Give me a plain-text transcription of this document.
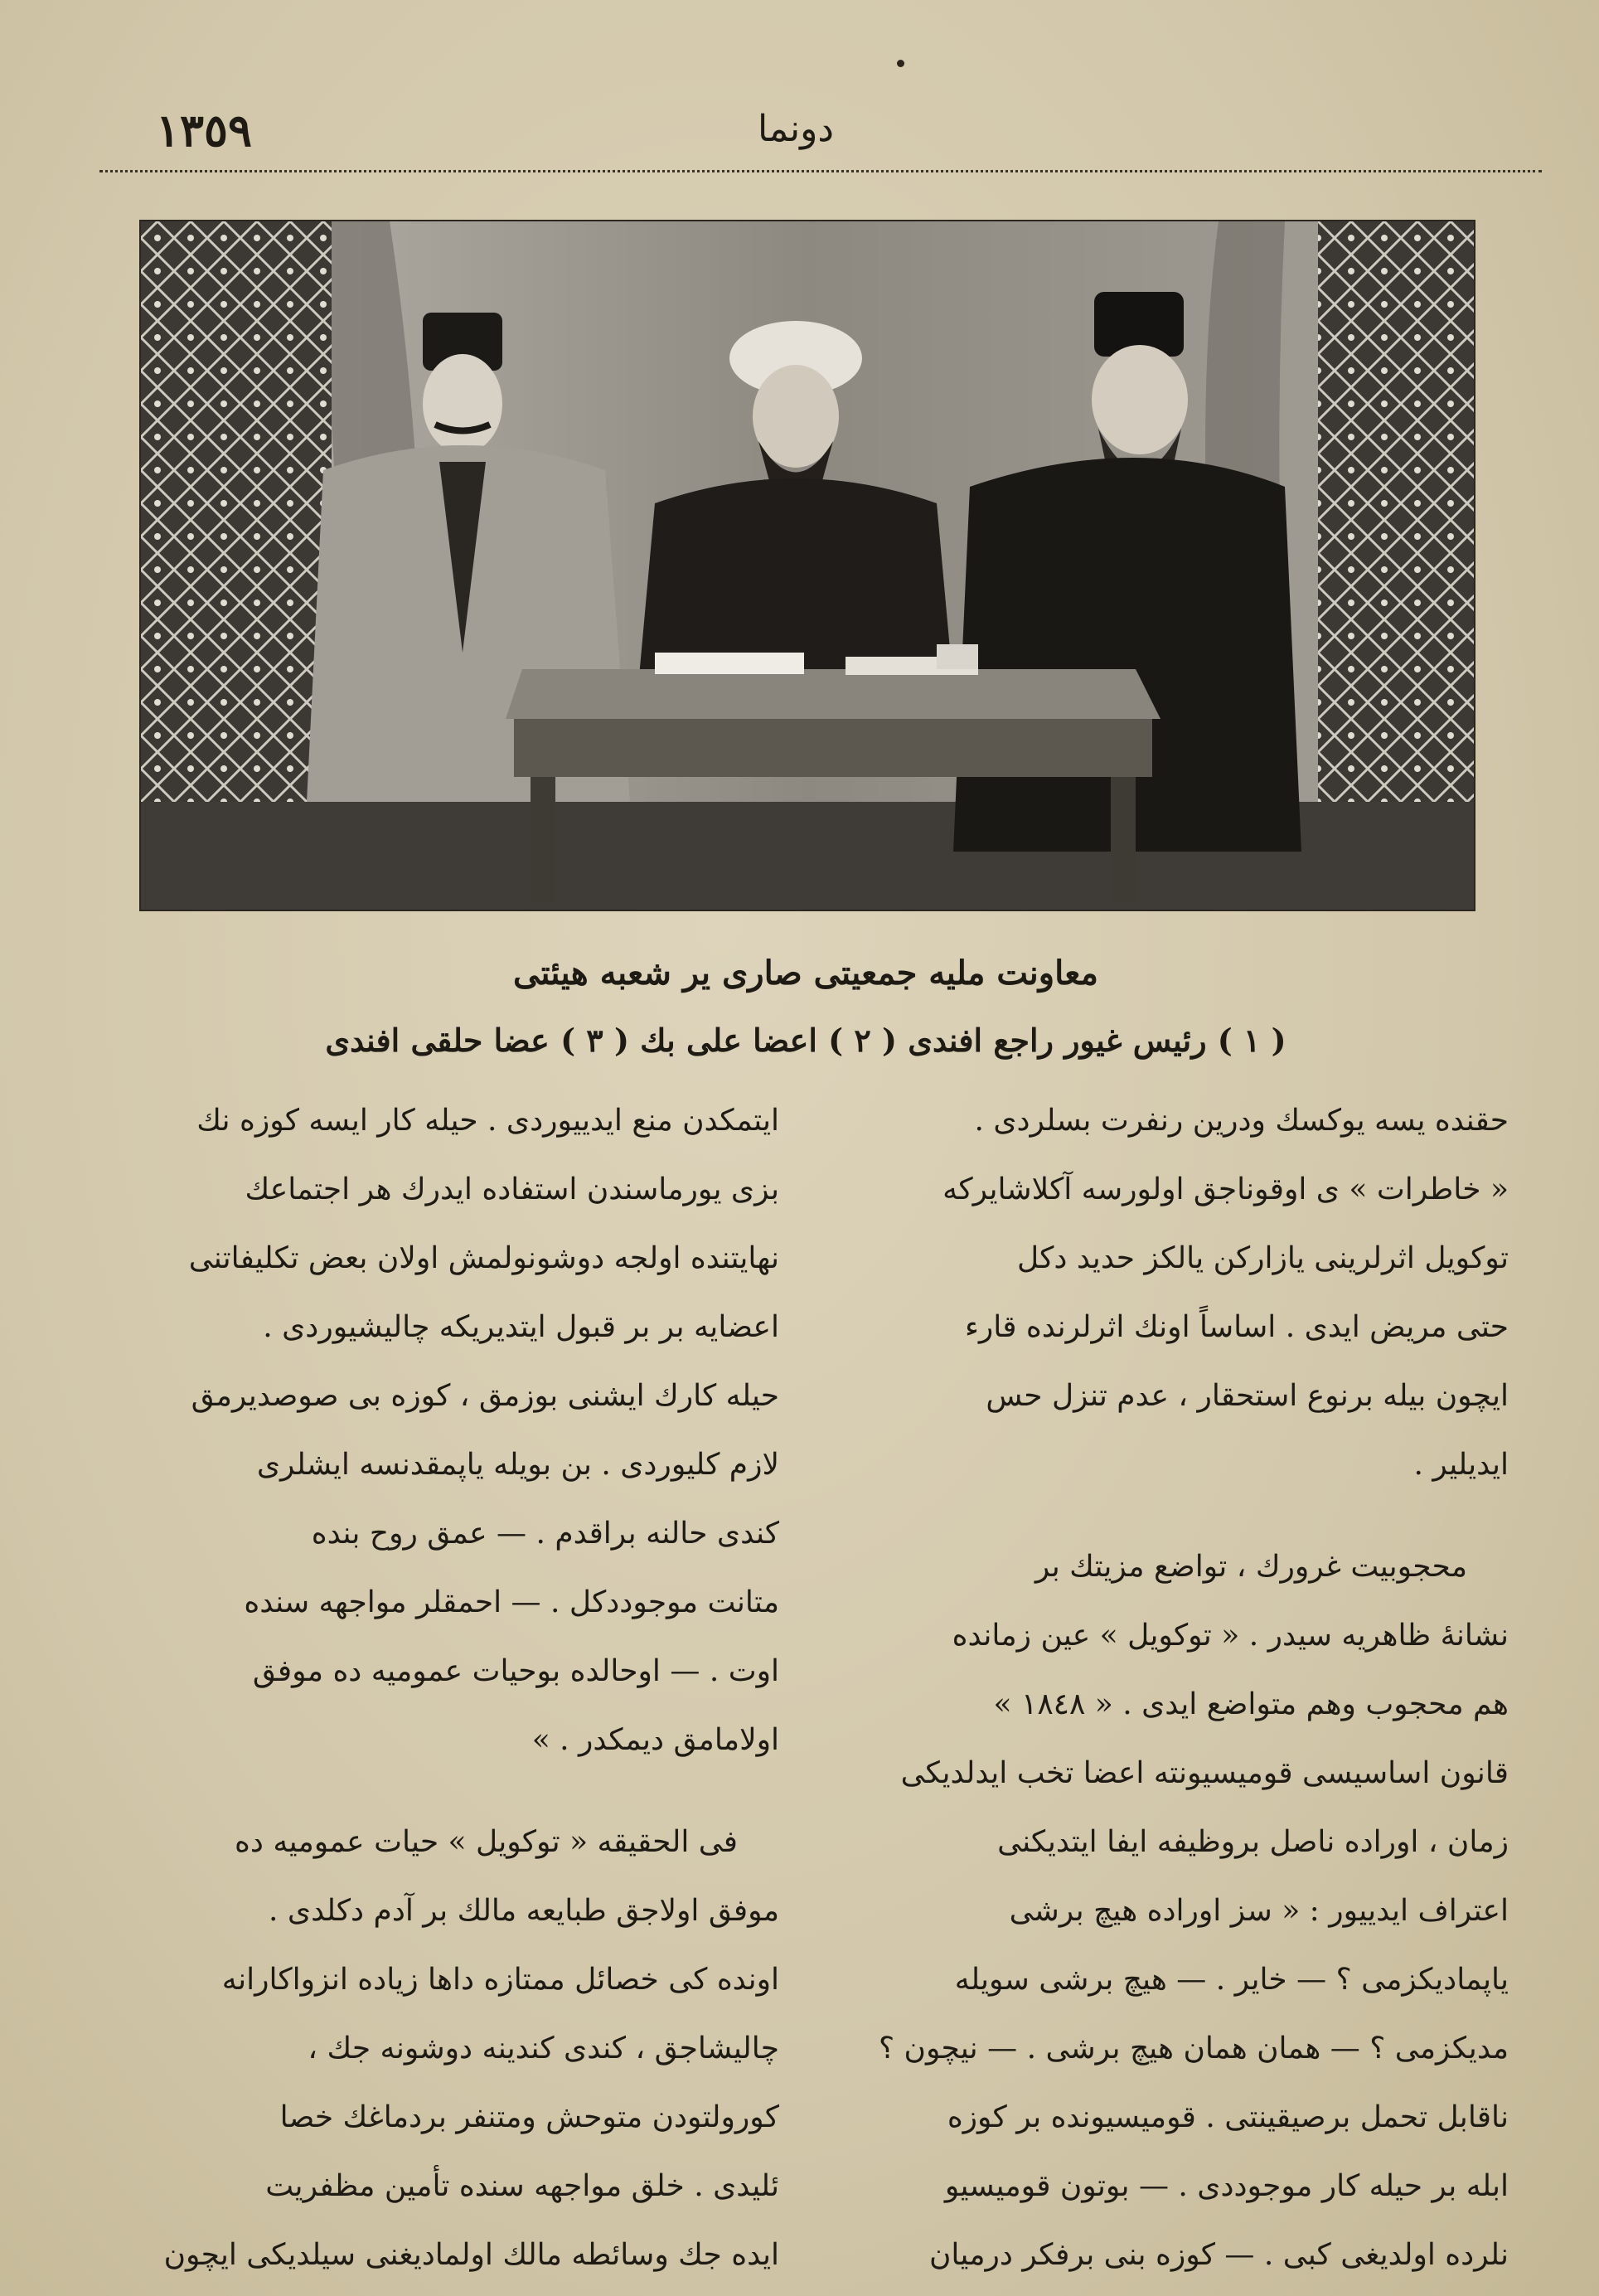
١٣٥٩	دونما
معاونت ملیه جمعیتی صاری یر شعبه هیئتی
( ١ ) رئیس غیور راجع افندی ( ٢ ) اعضا علی بك ( ٣ ) عضا حلقی افندی
حقنده یسه یوکسك ودرین رنفرت بسلردی .
« خاطرات » ی اوقوناجق اولورسه آکلاشایرکه
توکویل اثرلرینی یازارکن یالکز حدید دکل
حتی مریض ایدی . اساساً اونك اثرلرنده قارء
ایچون بیله برنوع استحقار ، عدم تنزل حس
ایدیلیر .
محجوبیت غرورك ، تواضع مزیتك بر
نشانهٔ ظاهریه سیدر . « توکویل » عین زمانده
هم محجوب وهم متواضع ایدی . « ١٨٤٨ »
قانون اساسیسی قومیسیونته اعضا تخب ایدلدیکی
زمان ، اوراده ناصل بروظیفه ایفا ایتدیکنی
اعتراف ایدییور : « سز اوراده هیچ برشی
یاپمادیکزمی ؟ — خایر . — هیچ برشی سویله
مدیکزمی ؟ — همان همان هیچ برشی . — نیچون ؟
ناقابل تحمل برصیقینتی . قومیسیونده بر کوزه
ابله بر حیله کار موجوددی . — بوتون قومیسیو
نلرده اولدیغی کبی . — کوزه بنی برفکر درمیان
ایتمکدن منع ایدییوردی . حیله کار ایسه کوزه نك
بزی یورماسندن استفاده ایدرك هر اجتماعك
نهایتنده اولجه دوشونولمش اولان بعض تکلیفاتنی
اعضایه بر بر قبول ایتدیریکه چالیشیوردی .
حیله کارك ایشنی بوزمق ، کوزه بی صوصدیرمق
لازم کلیوردی . بن بویله یاپمقدنسه ایشلری
کندی حالنه براقدم . — عمق روح بنده
متانت موجوددکل . — احمقلر مواجهه سنده
اوت . — اوحالده بوحیات عمومیه ده موفق
اولامامق دیمکدر . »
فی الحقیقه « توکویل » حیات عمومیه ده
موفق اولاجق طبایعه مالك بر آدم دکلدی .
اونده کی خصائل ممتازه داها زیاده انزواکارانه
چالیشاجق ، کندی کندینه دوشونه جك ،
کورولتودن متوحش ومتنفر بردماغك خصا
ئلیدی . خلق مواجهه سنده تأمین مظفریت
ایده جك وسائطه مالك اولمادیغنی سیلدیکی ایچون
